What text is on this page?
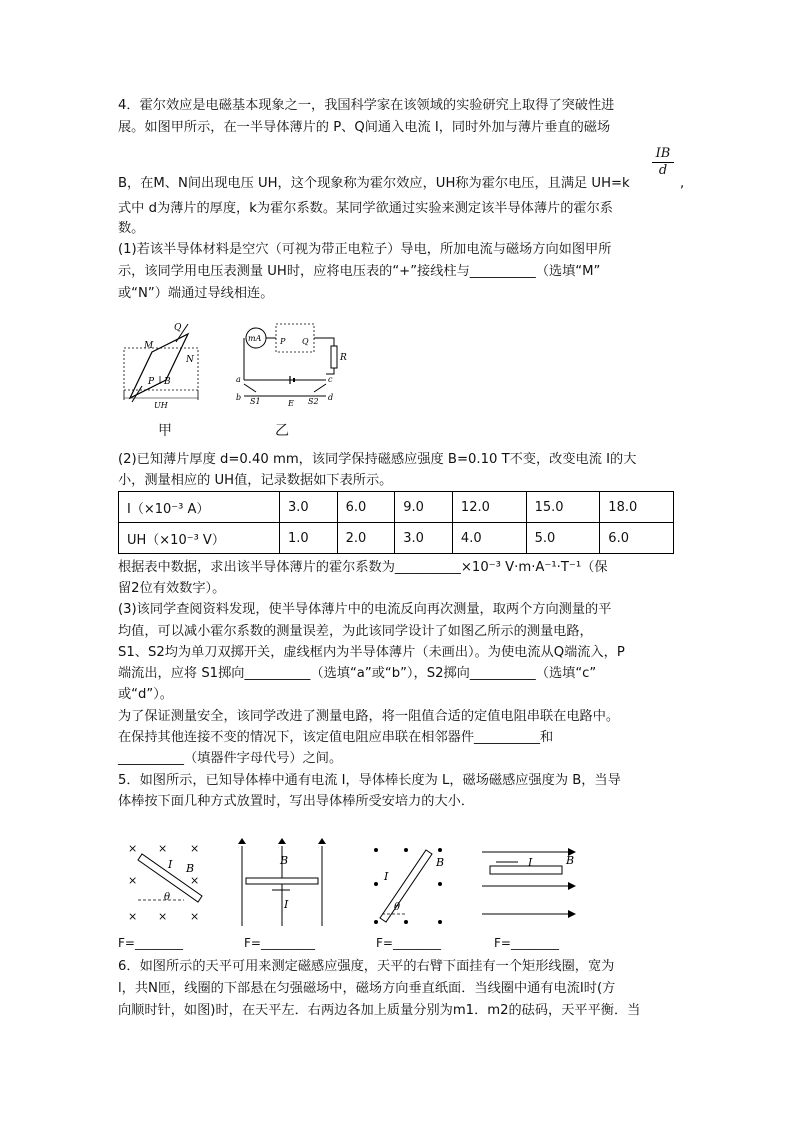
4．霍尔效应是电磁基本现象之一，我国科学家在该领域的实验研究上取得了突破性进
展。如图甲所示，在一半导体薄片的 P、Q间通入电流 I，同时外加与薄片垂直的磁场
$\frac{IB}{d}$
B，在M、N间出现电压 UH，这个现象称为霍尔效应，UH称为霍尔电压，且满足 UH=k	,
式中 d为薄片的厚度，k为霍尔系数。某同学欲通过实验来测定该半导体薄片的霍尔系
数。
(1)若该半导体材料是空穴（可视为带正电粒子）导电，所加电流与磁场方向如图甲所
示，该同学用电压表测量 UH时，应将电压表的“+”接线柱与__________（选填“M”
或“N”）端通过导线相连。
Q
M
N
P B
UH
mA P Q
R
a
b
c
d
S1	S2
E
甲	乙
(2)已知薄片厚度 d=0.40 mm，该同学保持磁感应强度 B=0.10 T不变，改变电流 I的大
小，测量相应的 UH值，记录数据如下表所示。
I（×10⁻³ A）	3.0	6.0	9.0	12.0	15.0	18.0
UH（×10⁻³ V）	1.0	2.0	3.0	4.0	5.0	6.0
根据表中数据，求出该半导体薄片的霍尔系数为__________×10⁻³ V·m·A⁻¹·T⁻¹（保
留2位有效数字）。
(3)该同学查阅资料发现，使半导体薄片中的电流反向再次测量，取两个方向测量的平
均值，可以减小霍尔系数的测量误差，为此该同学设计了如图乙所示的测量电路，
S1、S2均为单刀双掷开关，虚线框内为半导体薄片（未画出）。为使电流从Q端流入，P
端流出，应将 S1掷向__________（选填“a”或“b”），S2掷向__________（选填“c”
或“d”）。
为了保证测量安全，该同学改进了测量电路，将一阻值合适的定值电阻串联在电路中。
在保持其他连接不变的情况下，该定值电阻应串联在相邻器件__________和
__________（填器件字母代号）之间。
5．如图所示，已知导体棒中通有电流 I，导体棒长度为 L，磁场磁感应强度为 B，当导
体棒按下面几种方式放置时，写出导体棒所受安培力的大小．
× × ×
×	×
× × ×
I B
θ
B
I
I
B
θ
I	B
F=________	F=_________	F=________	F=________
6．如图所示的天平可用来测定磁感应强度，天平的右臂下面挂有一个矩形线圈，宽为
l，共N匝，线圈的下部悬在匀强磁场中，磁场方向垂直纸面．当线圈中通有电流I时(方
向顺时针，如图)时，在天平左．右两边各加上质量分别为m1．m2的砝码，天平平衡．当
